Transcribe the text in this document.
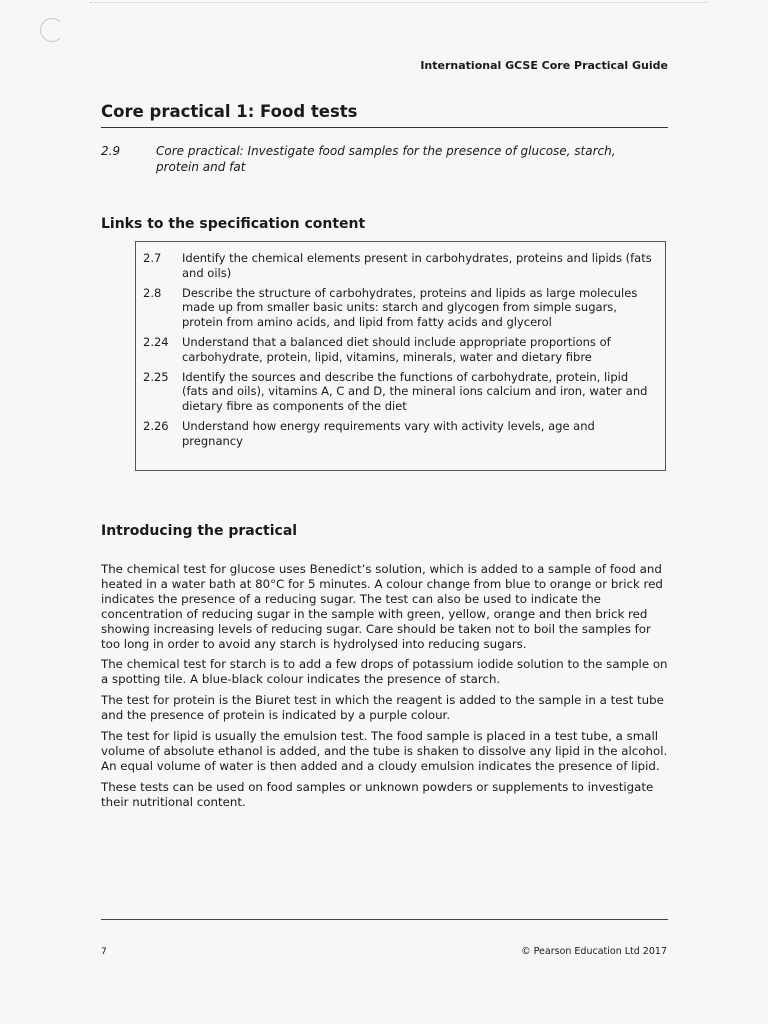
International GCSE Core Practical Guide
Core practical 1: Food tests
2.9	Core practical: Investigate food samples for the presence of glucose, starch, protein and fat
Links to the specification content
2.7	Identify the chemical elements present in carbohydrates, proteins and lipids (fats and oils)
2.8	Describe the structure of carbohydrates, proteins and lipids as large molecules made up from smaller basic units: starch and glycogen from simple sugars, protein from amino acids, and lipid from fatty acids and glycerol
2.24	Understand that a balanced diet should include appropriate proportions of carbohydrate, protein, lipid, vitamins, minerals, water and dietary fibre
2.25	Identify the sources and describe the functions of carbohydrate, protein, lipid (fats and oils), vitamins A, C and D, the mineral ions calcium and iron, water and dietary fibre as components of the diet
2.26	Understand how energy requirements vary with activity levels, age and pregnancy
Introducing the practical

The chemical test for glucose uses Benedict’s solution, which is added to a sample of food and heated in a water bath at 80°C for 5 minutes. A colour change from blue to orange or brick red indicates the presence of a reducing sugar. The test can also be used to indicate the concentration of reducing sugar in the sample with green, yellow, orange and then brick red showing increasing levels of reducing sugar. Care should be taken not to boil the samples for too long in order to avoid any starch is hydrolysed into reducing sugars.

The chemical test for starch is to add a few drops of potassium iodide solution to the sample on a spotting tile. A blue-black colour indicates the presence of starch.

The test for protein is the Biuret test in which the reagent is added to the sample in a test tube and the presence of protein is indicated by a purple colour.

The test for lipid is usually the emulsion test. The food sample is placed in a test tube, a small volume of absolute ethanol is added, and the tube is shaken to dissolve any lipid in the alcohol. An equal volume of water is then added and a cloudy emulsion indicates the presence of lipid.

These tests can be used on food samples or unknown powders or supplements to investigate their nutritional content.

7	© Pearson Education Ltd 2017
